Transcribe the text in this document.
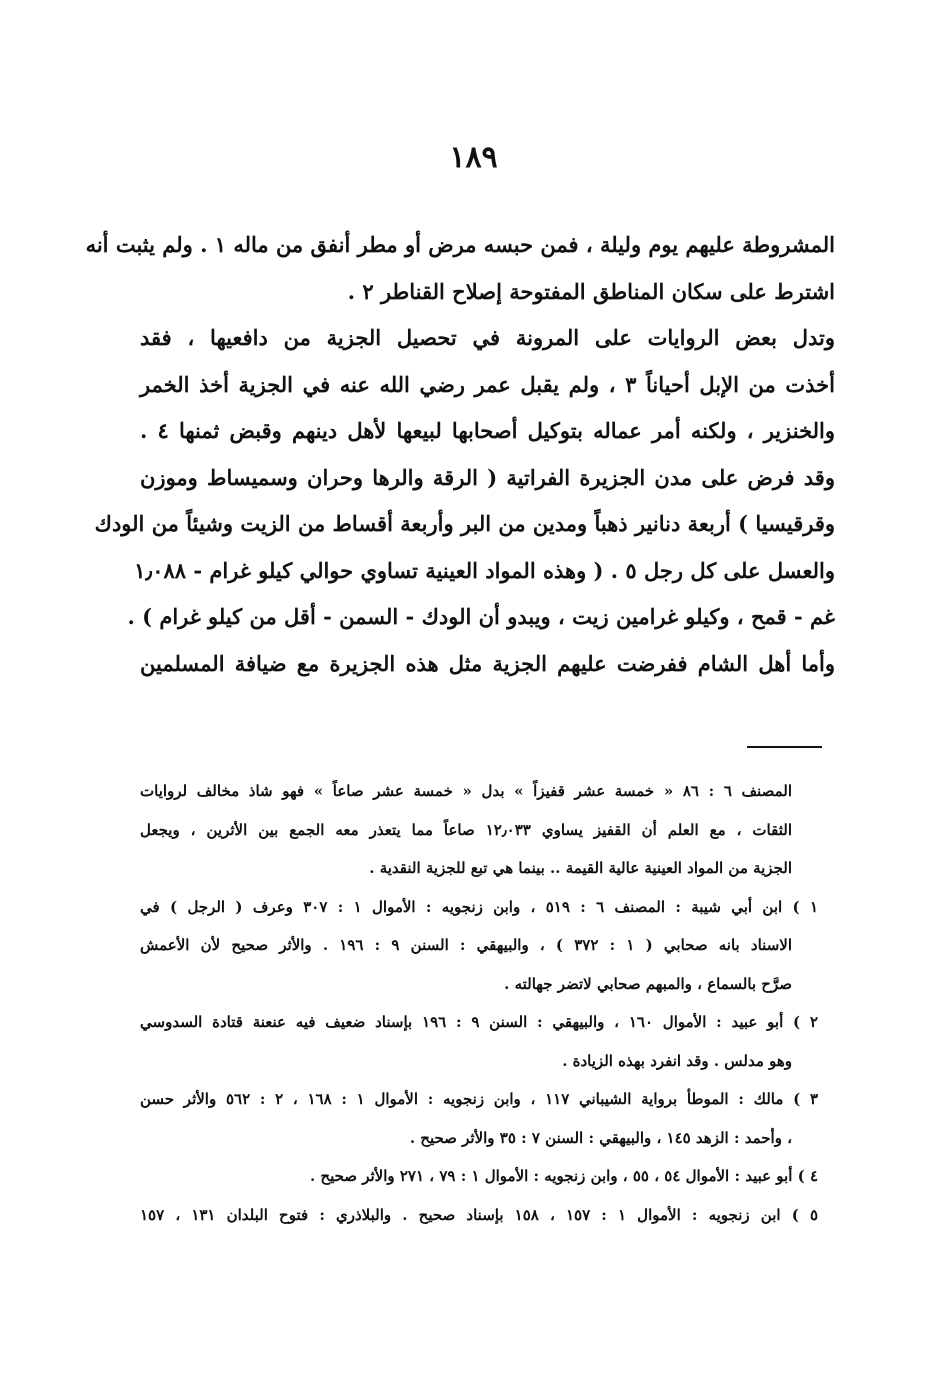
١٨٩
المشروطة عليهم يوم وليلة ، فمن حبسه مرض أو مطر أنفق من ماله ١ . ولم يثبت أنه
اشترط على سكان المناطق المفتوحة إصلاح القناطر ٢ .
وتدل بعض الروايات على المرونة في تحصيل الجزية من دافعيها ، فقد
أخذت من الإبل أحياناً ٣ ، ولم يقبل عمر رضي الله عنه في الجزية أخذ الخمر
والخنزير ، ولكنه أمر عماله بتوكيل أصحابها لبيعها لأهل دينهم وقبض ثمنها ٤ .
وقد فرض على مدن الجزيرة الفراتية ( الرقة والرها وحران وسميساط وموزن
وقرقيسيا ) أربعة دنانير ذهباً ومدين من البر وأربعة أقساط من الزيت وشيئاً من الودك
والعسل على كل رجل ٥ . ( وهذه المواد العينية تساوي حوالي كيلو غرام - ١٫٠٨٨
غم - قمح ، وكيلو غرامين زيت ، ويبدو أن الودك - السمن - أقل من كيلو غرام ) .
وأما أهل الشام ففرضت عليهم الجزية مثل هذه الجزيرة مع ضيافة المسلمين
المصنف ٦ : ٨٦ « خمسة عشر قفيزاً » بدل « خمسة عشر صاعاً » فهو شاذ مخالف لروايات
الثقات ، مع العلم أن القفيز يساوي ١٢٫٠٣٣ صاعاً مما يتعذر معه الجمع بين الأثرين ، ويجعل
الجزية من المواد العينية عالية القيمة .. بينما هي تبع للجزية النقدية .
١ ) ابن أبي شيبة : المصنف ٦ : ٥١٩ ، وابن زنجويه : الأموال ١ : ٣٠٧ وعرف ( الرجل ) في
الاسناد بانه صحابي ( ١ : ٣٧٢ ) ، والبيهقي : السنن ٩ : ١٩٦ . والأثر صحيح لأن الأعمش
صرَّح بالسماع ، والمبهم صحابي لاتضر جهالته .
٢ ) أبو عبيد : الأموال ١٦٠ ، والبيهقي : السنن ٩ : ١٩٦ بإسناد ضعيف فيه عنعنة قتادة السدوسي
وهو مدلس . وقد انفرد بهذه الزيادة .
٣ ) مالك : الموطأ برواية الشيباني ١١٧ ، وابن زنجويه : الأموال ١ : ١٦٨ ، ٢ : ٥٦٢ والأثر حسن
، وأحمد : الزهد ١٤٥ ، والبيهقي : السنن ٧ : ٣٥ والأثر صحيح .
٤ ) أبو عبيد : الأموال ٥٤ ، ٥٥ ، وابن زنجويه : الأموال ١ : ٧٩ ، ٢٧١ والأثر صحيح .
٥ ) ابن زنجويه : الأموال ١ : ١٥٧ ، ١٥٨ بإسناد صحيح . والبلاذري : فتوح البلدان ١٣١ ، ١٥٧
